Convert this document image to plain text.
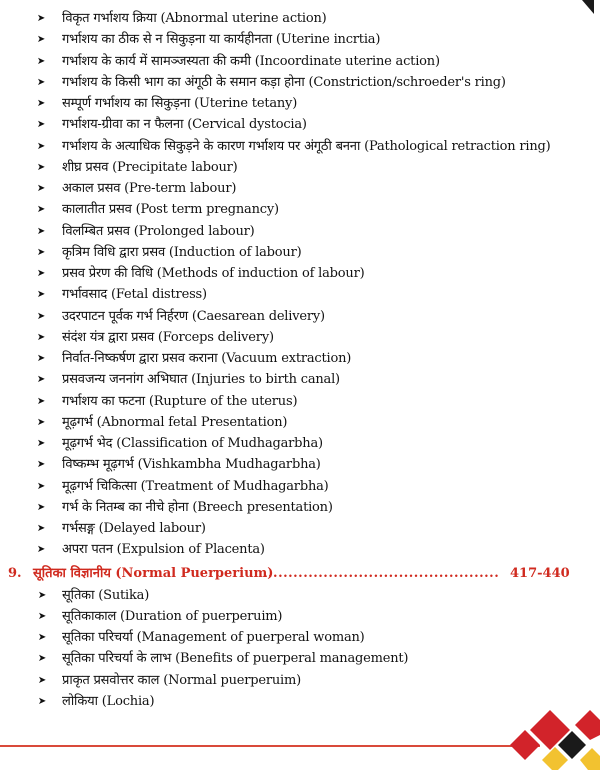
➤ विकृत गर्भाशय क्रिया (Abnormal uterine action)
➤ गर्भाशय का ठीक से न सिकुड़ना या कार्यहीनता (Uterine incrtia)
➤ गर्भाशय के कार्य में सामञ्जस्यता की कमी (Incoordinate uterine action)
➤ गर्भाशय के किसी भाग का अंगूठी के समान कड़ा होना (Constriction/schroeder's ring)
➤ सम्पूर्ण गर्भाशय का सिकुड़ना (Uterine tetany)
➤ गर्भाशय-ग्रीवा का न फैलना (Cervical dystocia)
➤ गर्भाशय के अत्याधिक सिकुड़ने के कारण गर्भाशय पर अंगूठी बनना (Pathological retraction ring)
➤ शीघ्र प्रसव (Precipitate labour)
➤ अकाल प्रसव (Pre-term labour)
➤ कालातीत प्रसव (Post term pregnancy)
➤ विलम्बित प्रसव (Prolonged labour)
➤ कृत्रिम विधि द्वारा प्रसव (Induction of labour)
➤ प्रसव प्रेरण की विधि (Methods of induction of labour)
➤ गर्भावसाद (Fetal distress)
➤ उदरपाटन पूर्वक गर्भ निर्हरण (Caesarean delivery)
➤ संदंश यंत्र द्वारा प्रसव (Forceps delivery)
➤ निर्वात-निष्कर्षण द्वारा प्रसव कराना (Vacuum extraction)
➤ प्रसवजन्य जननांग अभिघात (Injuries to birth canal)
➤ गर्भाशय का फटना (Rupture of the uterus)
➤ मूढ़गर्भ (Abnormal fetal Presentation)
➤ मूढ़गर्भ भेद (Classification of Mudhagarbha)
➤ विष्कम्भ मूढ़गर्भ (Vishkambha Mudhagarbha)
➤ मूढ़गर्भ चिकित्सा (Treatment of Mudhagarbha)
➤ गर्भ के नितम्ब का नीचे होना (Breech presentation)
➤ गर्भसङ्ग (Delayed labour)
➤ अपरा पतन (Expulsion of Placenta)
9. सूतिका विज्ञानीय (Normal Puerperium)
............................................... 417-440
➤ सूतिका (Sutika)
➤ सूतिकाकाल (Duration of puerperuim)
➤ सूतिका परिचर्या (Management of puerperal woman)
➤ सूतिका परिचर्या के लाभ (Benefits of puerperal management)
➤ प्राकृत प्रसवोत्तर काल (Normal puerperuim)
➤ लोकिया (Lochia)
